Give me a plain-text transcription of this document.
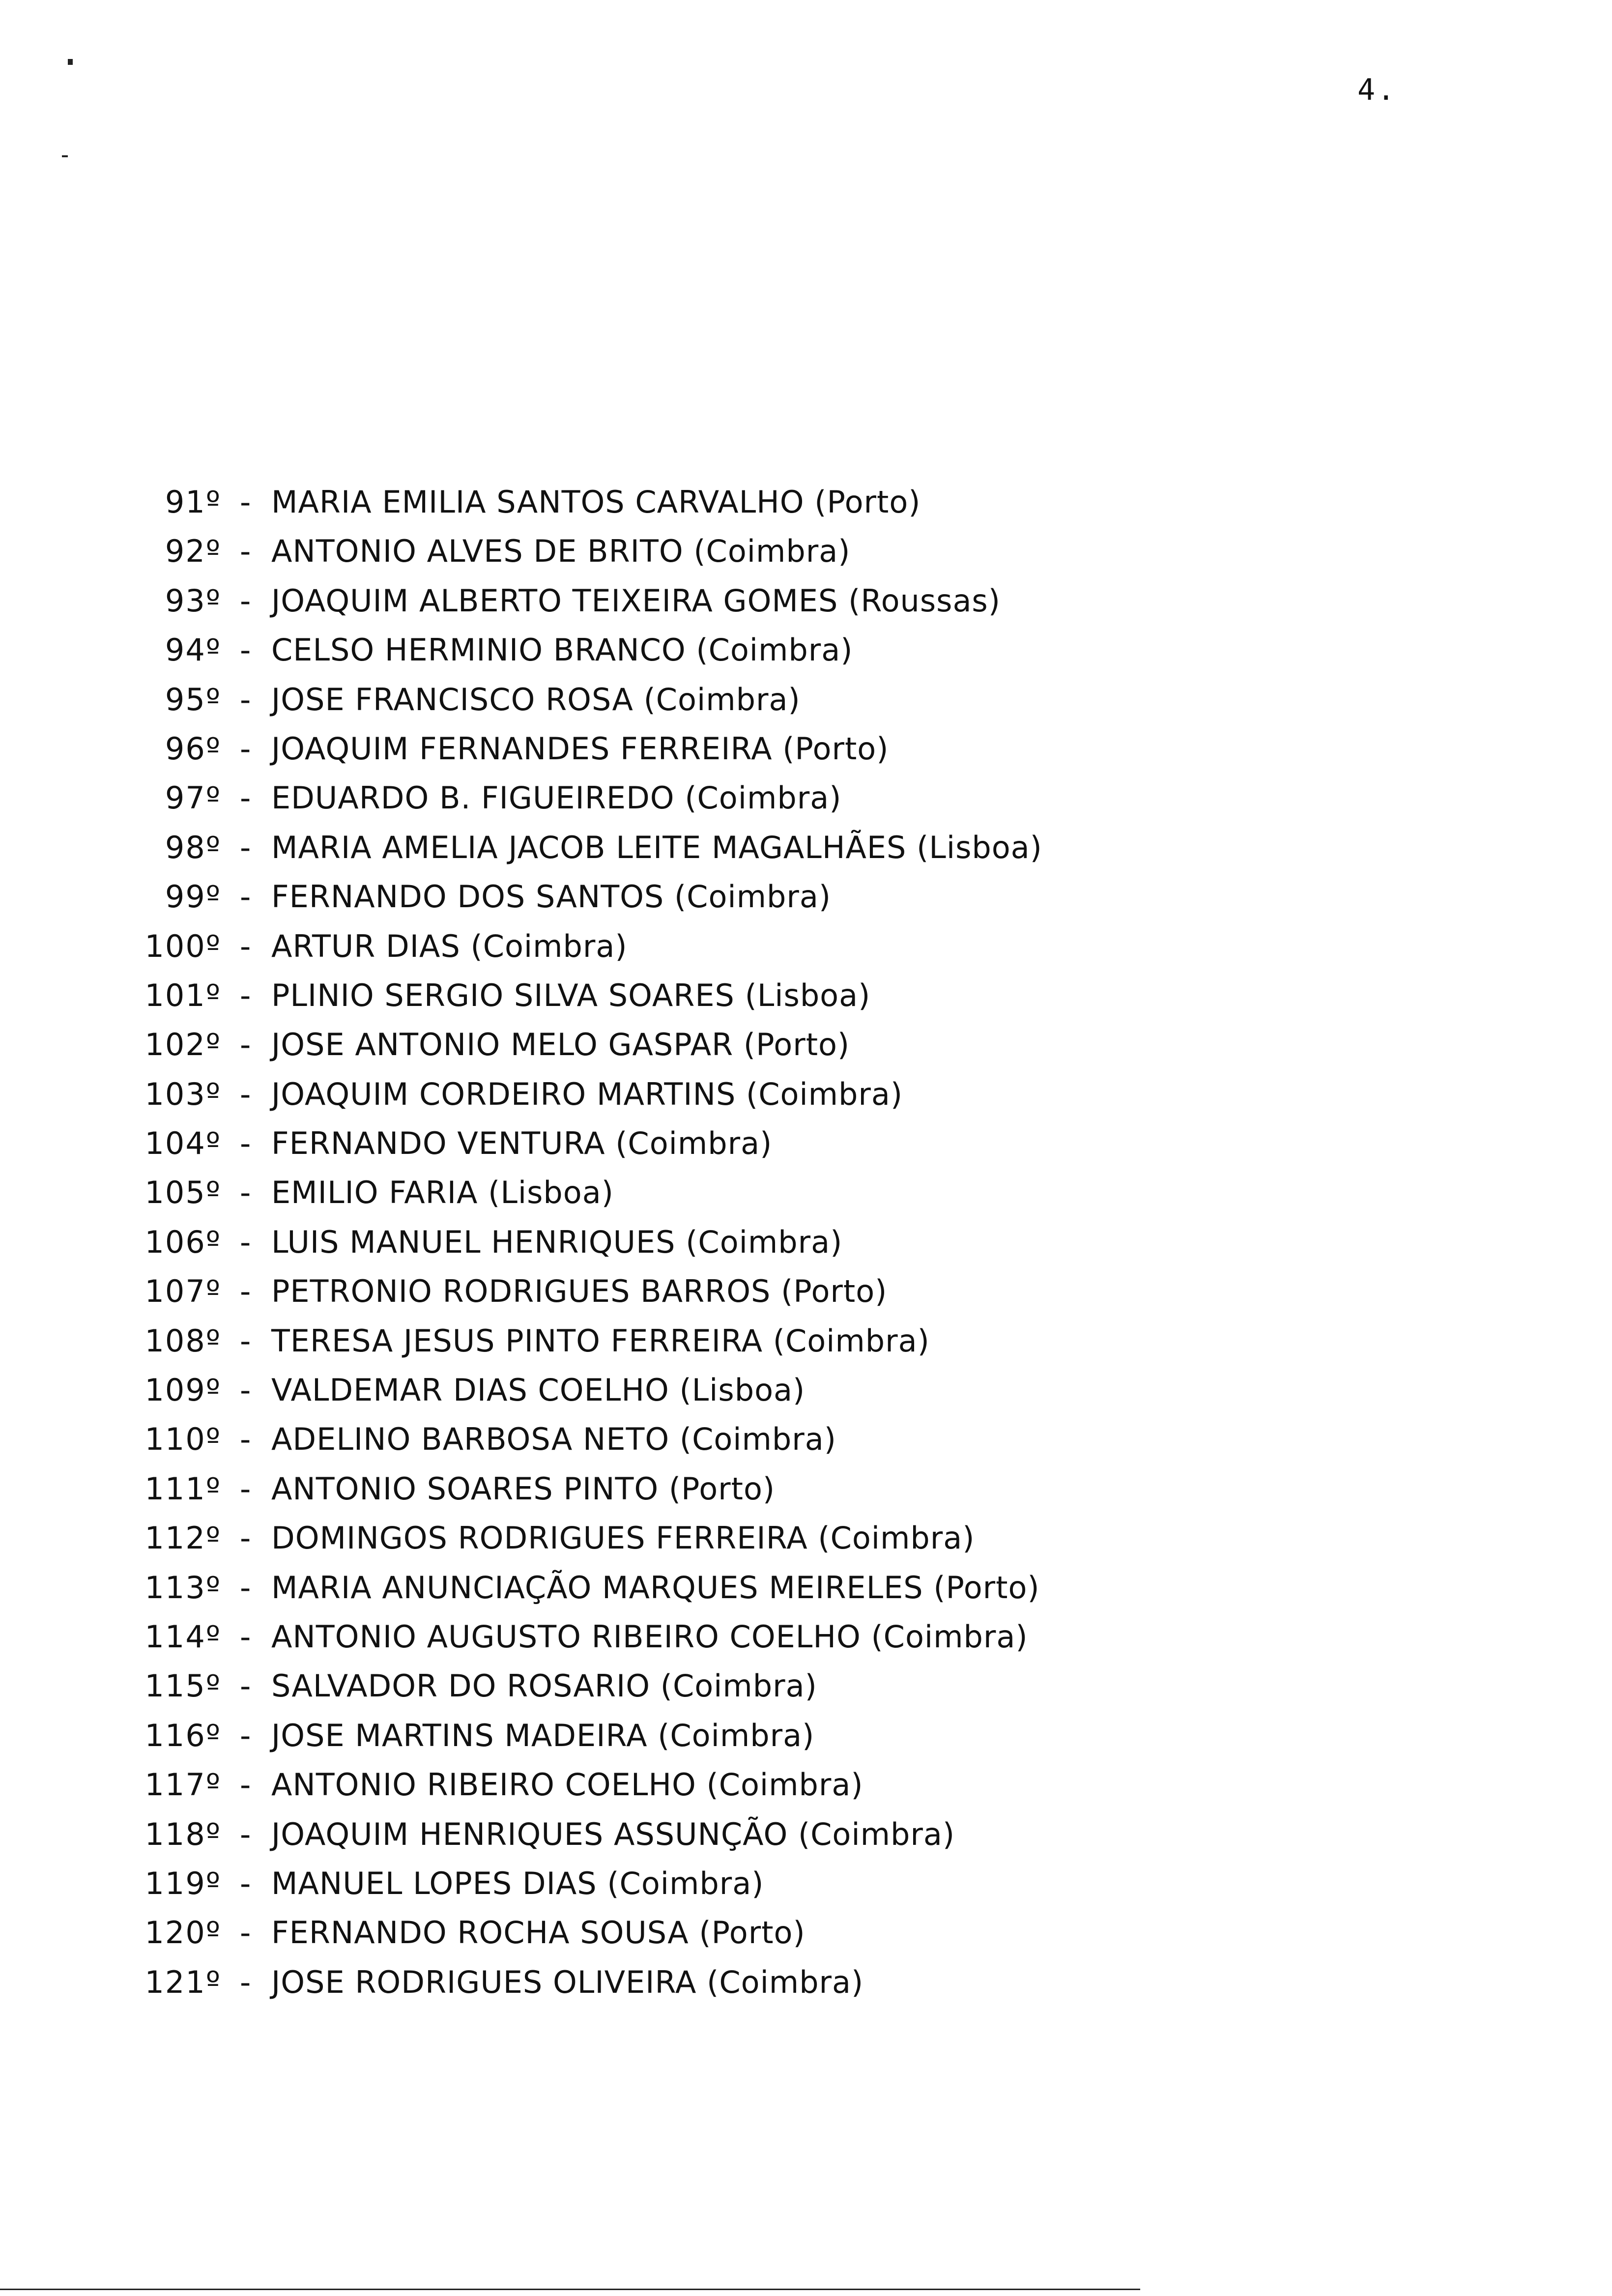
4.
91º - MARIA EMILIA SANTOS CARVALHO (Porto)
92º - ANTONIO ALVES DE BRITO (Coimbra)
93º - JOAQUIM ALBERTO TEIXEIRA GOMES (Roussas)
94º - CELSO HERMINIO BRANCO (Coimbra)
95º - JOSE FRANCISCO ROSA (Coimbra)
96º - JOAQUIM FERNANDES FERREIRA (Porto)
97º - EDUARDO B. FIGUEIREDO (Coimbra)
98º - MARIA AMELIA JACOB LEITE MAGALHÃES (Lisboa)
99º - FERNANDO DOS SANTOS (Coimbra)
100º - ARTUR DIAS (Coimbra)
101º - PLINIO SERGIO SILVA SOARES (Lisboa)
102º - JOSE ANTONIO MELO GASPAR (Porto)
103º - JOAQUIM CORDEIRO MARTINS (Coimbra)
104º - FERNANDO VENTURA (Coimbra)
105º - EMILIO FARIA (Lisboa)
106º - LUIS MANUEL HENRIQUES (Coimbra)
107º - PETRONIO RODRIGUES BARROS (Porto)
108º - TERESA JESUS PINTO FERREIRA (Coimbra)
109º - VALDEMAR DIAS COELHO (Lisboa)
110º - ADELINO BARBOSA NETO (Coimbra)
111º - ANTONIO SOARES PINTO (Porto)
112º - DOMINGOS RODRIGUES FERREIRA (Coimbra)
113º - MARIA ANUNCIAÇÃO MARQUES MEIRELES (Porto)
114º - ANTONIO AUGUSTO RIBEIRO COELHO (Coimbra)
115º - SALVADOR DO ROSARIO (Coimbra)
116º - JOSE MARTINS MADEIRA (Coimbra)
117º - ANTONIO RIBEIRO COELHO (Coimbra)
118º - JOAQUIM HENRIQUES ASSUNÇÃO (Coimbra)
119º - MANUEL LOPES DIAS (Coimbra)
120º - FERNANDO ROCHA SOUSA (Porto)
121º - JOSE RODRIGUES OLIVEIRA (Coimbra)
